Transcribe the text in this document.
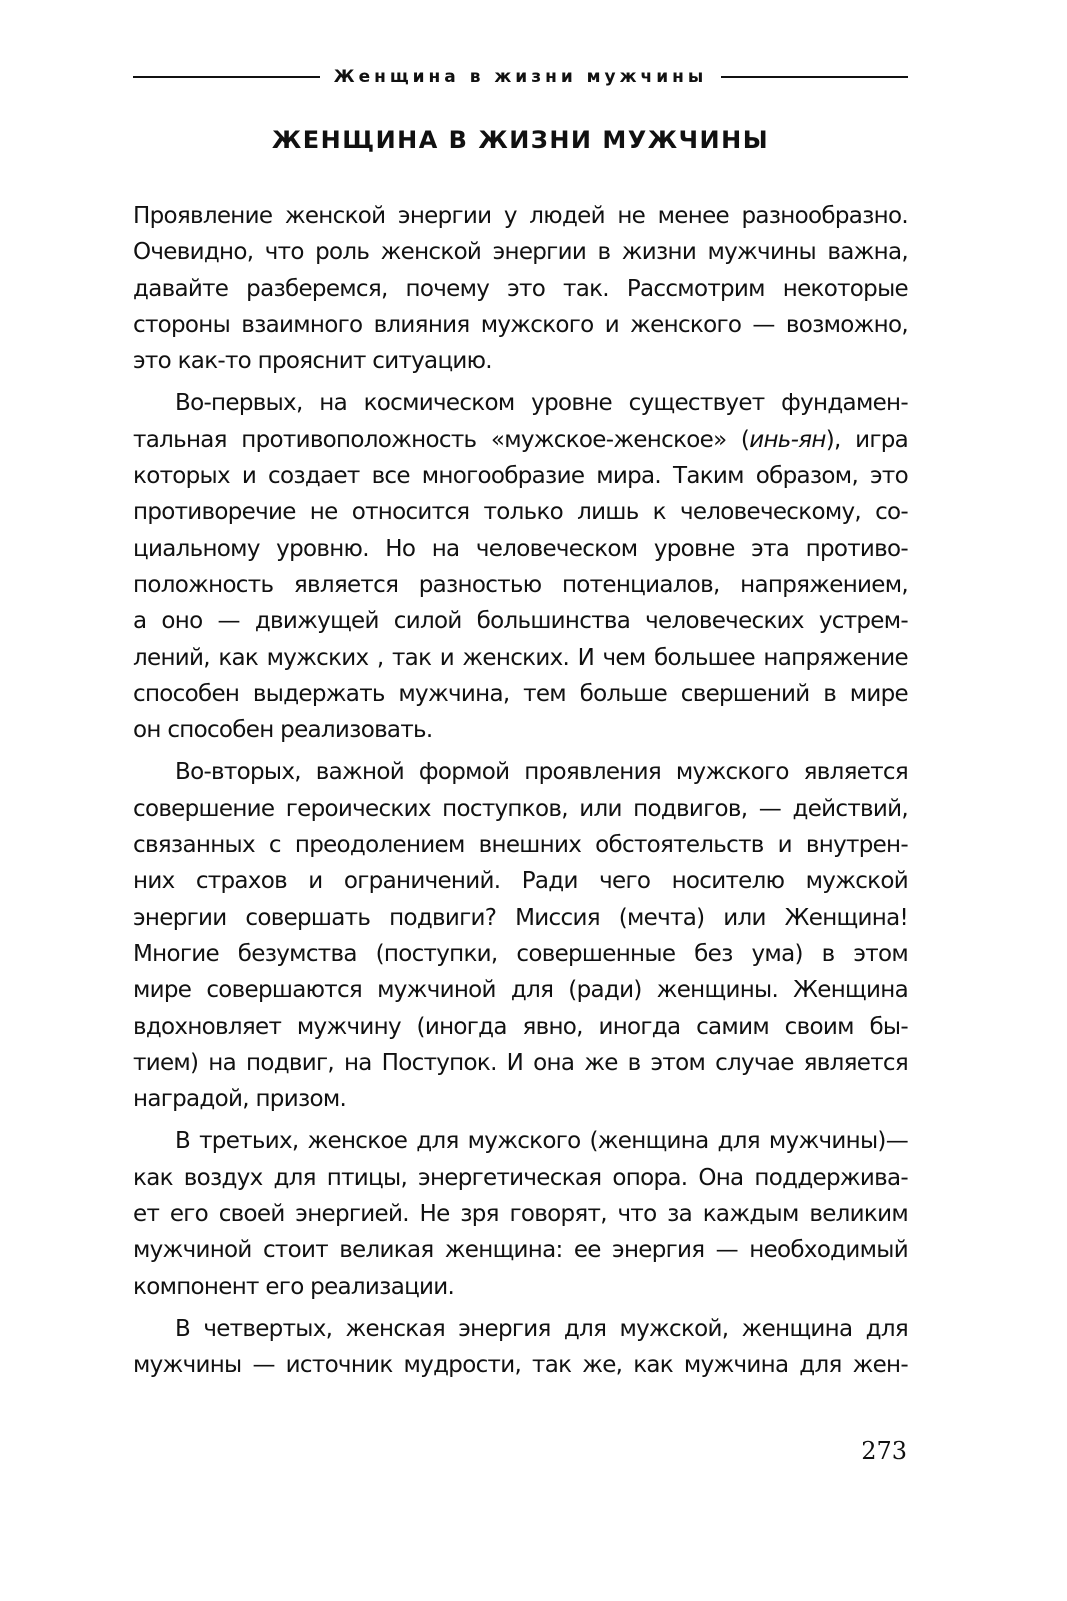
Женщина в жизни мужчины
ЖЕНЩИНА В ЖИЗНИ МУЖЧИНЫ
Проявление женской энергии у людей не менее разнообразно.
Очевидно, что роль женской энергии в жизни мужчины важна,
давайте разберемся, почему это так. Рассмотрим некоторые
стороны взаимного влияния мужского и женского — возможно,
это как-то прояснит ситуацию.
Во-первых, на космическом уровне существует фундамен-
тальная противоположность «мужское-женское» (инь-ян), игра
которых и создает все многообразие мира. Таким образом, это
противоречие не относится только лишь к человеческому, со-
циальному уровню. Но на человеческом уровне эта противо-
положность является разностью потенциалов, напряжением,
а оно — движущей силой большинства человеческих устрем-
лений, как мужских , так и женских. И чем большее напряжение
способен выдержать мужчина, тем больше свершений в мире
он способен реализовать.
Во-вторых, важной формой проявления мужского является
совершение героических поступков, или подвигов, — действий,
связанных с преодолением внешних обстоятельств и внутрен-
них страхов и ограничений. Ради чего носителю мужской
энергии совершать подвиги? Миссия (мечта) или Женщина!
Многие безумства (поступки, совершенные без ума) в этом
мире совершаются мужчиной для (ради) женщины. Женщина
вдохновляет мужчину (иногда явно, иногда самим своим бы-
тием) на подвиг, на Поступок. И она же в этом случае является
наградой, призом.
В третьих, женское для мужского (женщина для мужчины)—
как воздух для птицы, энергетическая опора. Она поддержива-
ет его своей энергией. Не зря говорят, что за каждым великим
мужчиной стоит великая женщина: ее энергия — необходимый
компонент его реализации.
В четвертых, женская энергия для мужской, женщина для
мужчины — источник мудрости, так же, как мужчина для жен-
273
